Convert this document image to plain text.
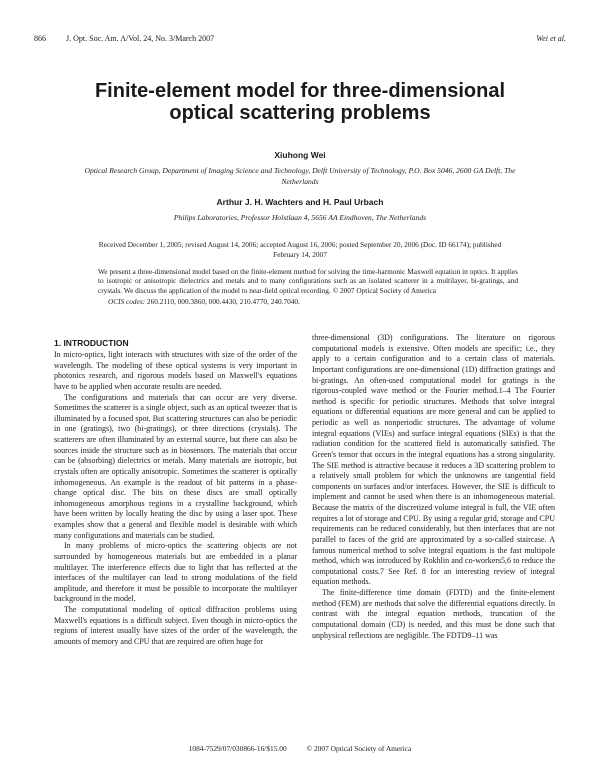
866	J. Opt. Soc. Am. A/Vol. 24, No. 3/March 2007	Wei et al.
Finite-element model for three-dimensional optical scattering problems
Xiuhong Wei
Optical Research Group, Department of Imaging Science and Technology, Delft University of Technology, P.O. Box 5046, 2600 GA Delft, The Netherlands
Arthur J. H. Wachters and H. Paul Urbach
Philips Laboratories, Professor Holstlaan 4, 5656 AA Eindhoven, The Netherlands
Received December 1, 2005; revised August 14, 2006; accepted August 16, 2006; posted September 20, 2006 (Doc. ID 66174); published February 14, 2007

We present a three-dimensional model based on the finite-element method for solving the time-harmonic Maxwell equation in optics. It applies to isotropic or anisotropic dielectrics and metals and to many configurations such as an isolated scatterer in a multilayer, bi-gratings, and crystals. We discuss the application of the model to near-field optical recording. © 2007 Optical Society of America

OCIS codes: 260.2110, 000.3860, 000.4430, 210.4770, 240.7040.
1. INTRODUCTION

In micro-optics, light interacts with structures with size of the order of the wavelength. The modeling of these optical systems is very important in photonics research, and rigorous models based on Maxwell's equations have to be applied when accurate results are needed.

The configurations and materials that can occur are very diverse. Sometimes the scatterer is a single object, such as an optical tweezer that is illuminated by a focused spot. But scattering structures can also be periodic in one (gratings), two (bi-gratings), or three directions (crystals). The scatterers are often illuminated by an external source, but there can also be sources inside the structure such as in biosensors. The materials that occur can be (absorbing) dielectrics or metals. Many materials are isotropic, but crystals often are optically anisotropic. Sometimes the scatterer is optically inhomogeneous. An example is the readout of bit patterns in a phase-change optical disc. The bits on these discs are small optically inhomogeneous amorphous regions in a crystalline background, which have been written by locally heating the disc by using a laser spot. These examples show that a general and flexible model is desirable with which many configurations and materials can be studied.

In many problems of micro-optics the scattering objects are not surrounded by homogeneous materials but are embedded in a planar multilayer. The interference effects due to light that has reflected at the interfaces of the multilayer can lead to strong modulations of the field amplitude, and therefore it must be possible to incorporate the multilayer background in the model.

The computational modeling of optical diffraction problems using Maxwell's equations is a difficult subject. Even though in micro-optics the regions of interest usually have sizes of the order of the wavelength, the amounts of memory and CPU that are required are often huge for

three-dimensional (3D) configurations. The literature on rigorous computational models is extensive. Often models are specific; i.e., they apply to a certain configuration and to a certain class of materials. Important configurations are one-dimensional (1D) diffraction gratings and bi-gratings. An often-used computational model for gratings is the rigorous-coupled wave method or the Fourier method.1–4 The Fourier method is specific for periodic structures. Methods that solve integral equations or differential equations are more general and can be applied to periodic as well as nonperiodic structures. The advantage of volume integral equations (VIEs) and surface integral equations (SIEs) is that the radiation condition for the scattered field is automatically satisfied. The Green's tensor that occurs in the integral equations has a strong singularity. The SIE method is attractive because it reduces a 3D scattering problem to a relatively small problem for which the unknowns are tangential field components on surfaces and/or interfaces. However, the SIE is difficult to implement and cannot be used when there is an inhomogeneous material. Because the matrix of the discretized volume integral is full, the VIE often requires a lot of storage and CPU. By using a regular grid, storage and CPU requirements can be reduced considerably, but then interfaces that are not parallel to faces of the grid are approximated by a so-called staircase. A famous numerical method to solve integral equations is the fast multipole method, which was introduced by Rokhlin and co-workers5,6 to reduce the computational costs.7 See Ref. 8 for an interesting review of integral equation methods.

The finite-difference time domain (FDTD) and the finite-element method (FEM) are methods that solve the differential equations directly. In contrast with the integral equation methods, truncation of the computational domain (CD) is needed, and this must be done such that unphysical reflections are negligible. The FDTD9–11 was

1084-7529/07/030866-16/$15.00	© 2007 Optical Society of America
